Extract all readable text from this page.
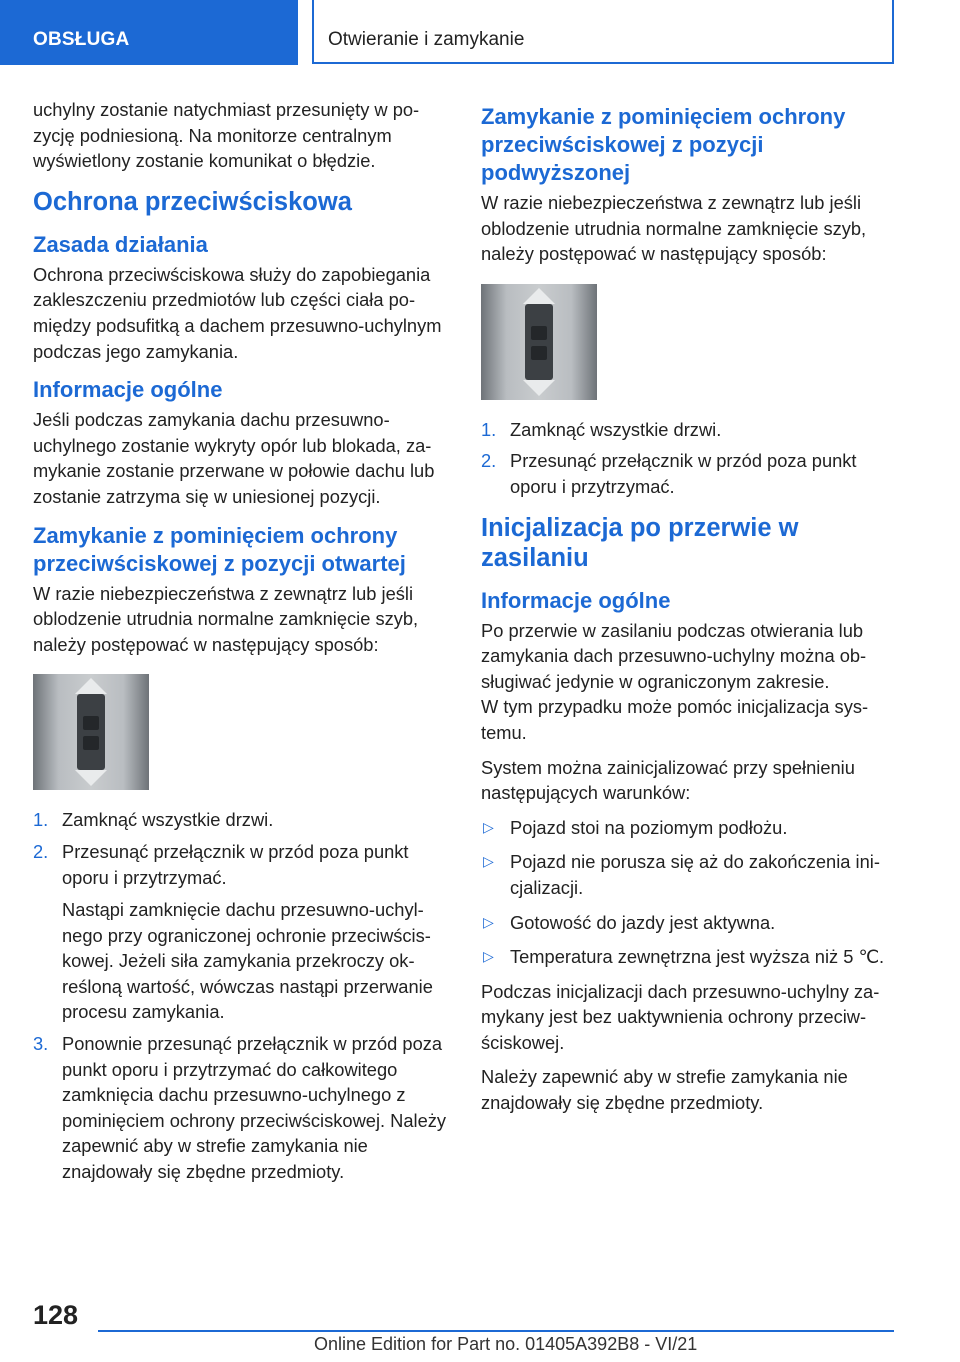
OBSŁUGA	Otwieranie i zamykanie

uchylny zostanie natychmiast przesunięty w pozycję podniesioną. Na monitorze centralnym wyświetlony zostanie komunikat o błędzie.

Ochrona przeciwściskowa
Zasada działania

Ochrona przeciwściskowa służy do zapobiegania zakleszczeniu przedmiotów lub części ciała pomiędzy podsufitką a dachem przesuwno-uchylnym podczas jego zamykania.

Informacje ogólne

Jeśli podczas zamykania dachu przesuwno-uchylnego zostanie wykryty opór lub blokada, zamykanie zostanie przerwane w połowie dachu lub zostanie zatrzyma się w uniesionej pozycji.

Zamykanie z pominięciem ochrony przeciwściskowej z pozycji otwartej

W razie niebezpieczeństwa z zewnątrz lub jeśli oblodzenie utrudnia normalne zamknięcie szyb, należy postępować w następujący sposób:

1. Zamknąć wszystkie drzwi.
2. Przesunąć przełącznik w przód poza punkt oporu i przytrzymać.
Nastąpi zamknięcie dachu przesuwno-uchylnego przy ograniczonej ochronie przeciwściskowej. Jeżeli siła zamykania przekroczy określoną wartość, wówczas nastąpi przerwanie procesu zamykania.
3. Ponownie przesunąć przełącznik w przód poza punkt oporu i przytrzymać do całkowitego zamknięcia dachu przesuwno-uchylnego z pominięciem ochrony przeciwściskowej. Należy zapewnić aby w strefie zamykania nie znajdowały się zbędne przedmioty.
Zamykanie z pominięciem ochrony przeciwściskowej z pozycji podwyższonej

W razie niebezpieczeństwa z zewnątrz lub jeśli oblodzenie utrudnia normalne zamknięcie szyb, należy postępować w następujący sposób:

1. Zamknąć wszystkie drzwi.
2. Przesunąć przełącznik w przód poza punkt oporu i przytrzymać.
Inicjalizacja po przerwie w zasilaniu
Informacje ogólne

Po przerwie w zasilaniu podczas otwierania lub zamykania dach przesuwno-uchylny można obsługiwać jedynie w ograniczonym zakresie.

W tym przypadku może pomóc inicjalizacja systemu.

System można zainicjalizować przy spełnieniu następujących warunków:

▷ Pojazd stoi na poziomym podłożu.
▷ Pojazd nie porusza się aż do zakończenia inicjalizacji.
▷ Gotowość do jazdy jest aktywna.
▷ Temperatura zewnętrzna jest wyższa niż 5 ℃.

Podczas inicjalizacji dach przesuwno-uchylny zamykany jest bez uaktywnienia ochrony przeciwściskowej.

Należy zapewnić aby w strefie zamykania nie znajdowały się zbędne przedmioty.

128
Online Edition for Part no. 01405A392B8 - VI/21
